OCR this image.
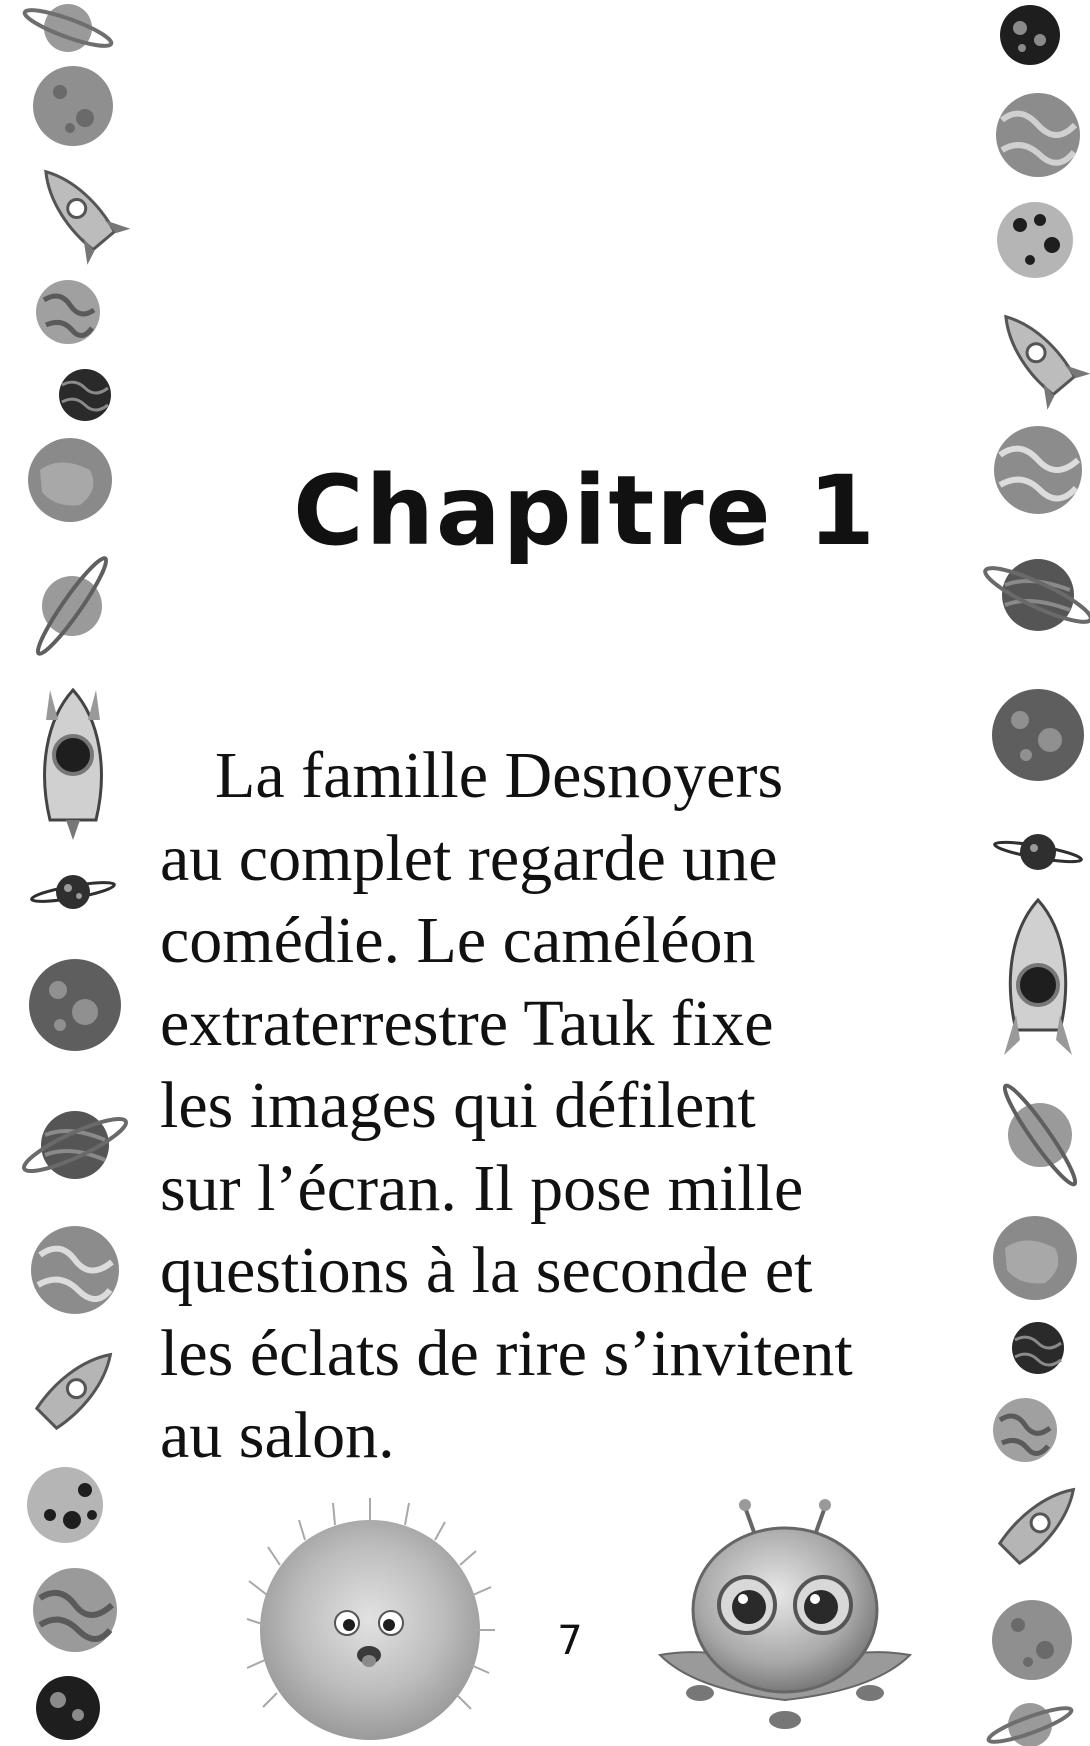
Chapitre 1

La famille Desnoyers
au complet regarde une
comédie. Le caméléon
extraterrestre Tauk fixe
les images qui défilent
sur l’écran. Il pose mille
questions à la seconde et
les éclats de rire s’invitent
au salon.

7
